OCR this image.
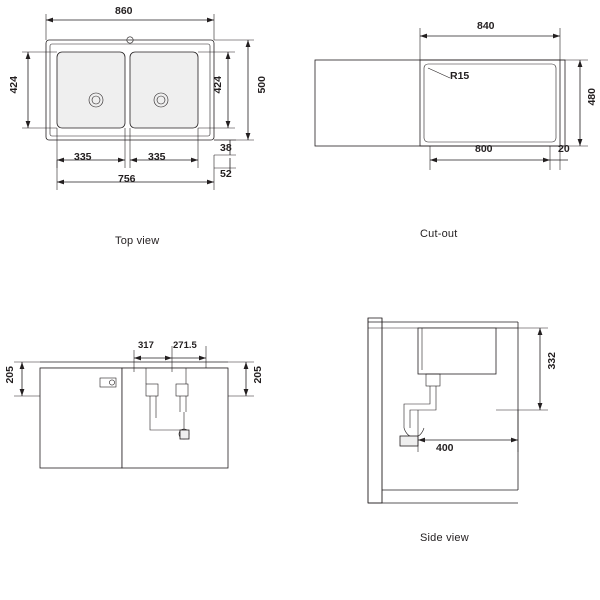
860
424	424	500
335	335
756
38
52
Top view
840
480
800	20
R15
Cut-out
317 271.5
205	205
332
400
Side view
